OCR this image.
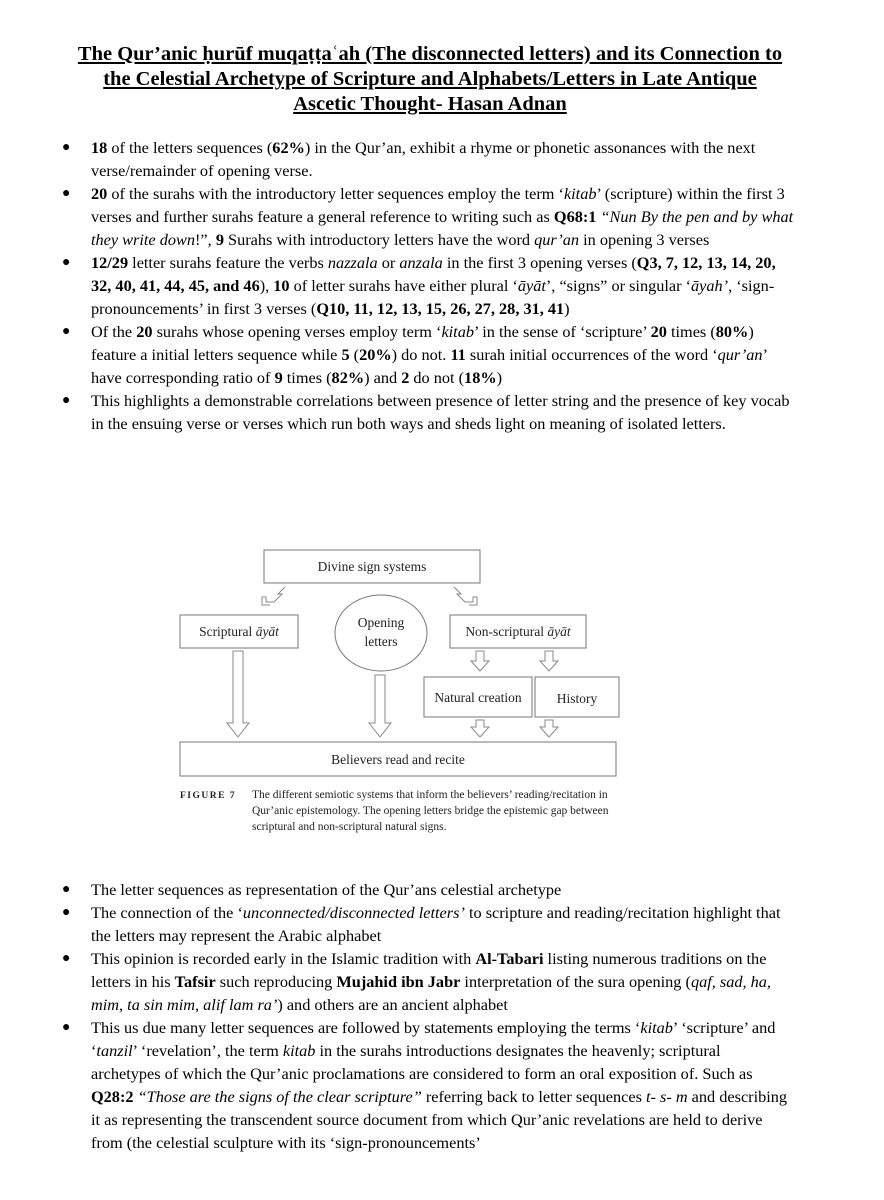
The Qur’anic ḥurūf muqaṭṭaʿah (The disconnected letters) and its Connection to
the Celestial Archetype of Scripture and Alphabets/Letters in Late Antique
Ascetic Thought- Hasan Adnan
● 18 of the letters sequences (62%) in the Qur’an, exhibit a rhyme or phonetic assonances with the next verse/remainder of opening verse.
● 20 of the surahs with the introductory letter sequences employ the term ‘kitab’ (scripture) within the first 3 verses and further surahs feature a general reference to writing such as Q68:1 “Nun By the pen and by what they write down!”, 9 Surahs with introductory letters have the word qur’an in opening 3 verses
● 12/29 letter surahs feature the verbs nazzala or anzala in the first 3 opening verses (Q3, 7, 12, 13, 14, 20, 32, 40, 41, 44, 45, and 46), 10 of letter surahs have either plural ‘āyāt’, “signs” or singular ‘āyah’, ‘sign-pronouncements’ in first 3 verses (Q10, 11, 12, 13, 15, 26, 27, 28, 31, 41)
● Of the 20 surahs whose opening verses employ term ‘kitab’ in the sense of ‘scripture’ 20 times (80%) feature a initial letters sequence while 5 (20%) do not. 11 surah initial occurrences of the word ‘qur’an’ have corresponding ratio of 9 times (82%) and 2 do not (18%)
● This highlights a demonstrable correlations between presence of letter string and the presence of key vocab in the ensuing verse or verses which run both ways and sheds light on meaning of isolated letters.
Divine sign systems
Scriptural āyāt
Opening
letters
Non-scriptural āyāt
Natural creation	History
Believers read and recite
FIGURE 7 The different semiotic systems that inform the believers’ reading/recitation in Qur’anic epistemology. The opening letters bridge the epistemic gap between scriptural and non-scriptural natural signs.
● The letter sequences as representation of the Qur’ans celestial archetype
● The connection of the ‘unconnected/disconnected letters’ to scripture and reading/recitation highlight that the letters may represent the Arabic alphabet
● This opinion is recorded early in the Islamic tradition with Al-Tabari listing numerous traditions on the letters in his Tafsir such reproducing Mujahid ibn Jabr interpretation of the sura opening (qaf, sad, ha, mim, ta sin mim, alif lam ra’) and others are an ancient alphabet
● This us due many letter sequences are followed by statements employing the terms ‘kitab’ ‘scripture’ and ‘tanzil’ ‘revelation’, the term kitab in the surahs introductions designates the heavenly; scriptural archetypes of which the Qur’anic proclamations are considered to form an oral exposition of. Such as Q28:2 “Those are the signs of the clear scripture” referring back to letter sequences t- s- m and describing it as representing the transcendent source document from which Qur’anic revelations are held to derive from (the celestial sculpture with its ‘sign-pronouncements’
